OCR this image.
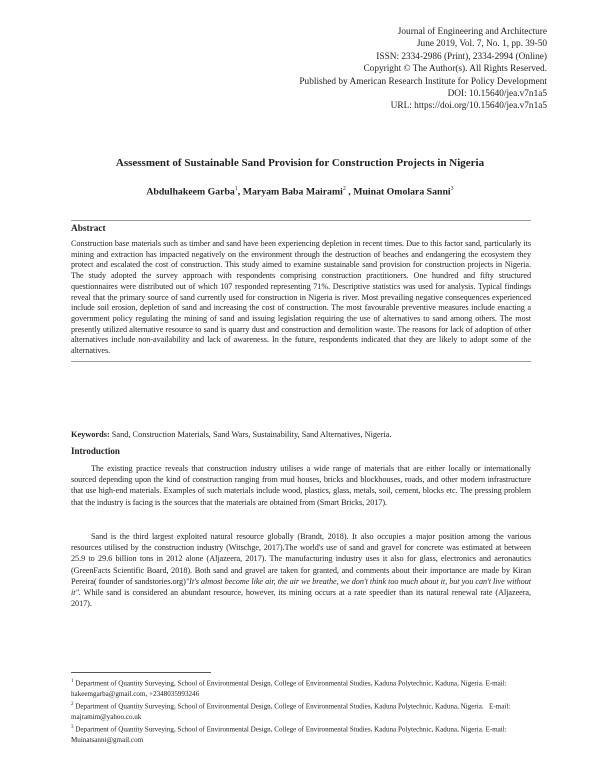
Journal of Engineering and Architecture
June 2019, Vol. 7, No. 1, pp. 39-50
ISSN: 2334-2986 (Print), 2334-2994 (Online)
Copyright © The Author(s). All Rights Reserved.
Published by American Research Institute for Policy Development
DOI: 10.15640/jea.v7n1a5
URL: https://doi.org/10.15640/jea.v7n1a5
Assessment of Sustainable Sand Provision for Construction Projects in Nigeria
Abdulhakeem Garba$^1$, Maryam Baba Mairami$^2$ , Muinat Omolara Sanni$^3$
Abstract
Construction base materials such as timber and sand have been experiencing depletion in recent times. Due to this factor sand, particularly its mining and extraction has impacted negatively on the environment through the destruction of beaches and endangering the ecosystem they protect and escalated the cost of construction. This study aimed to examine sustainable sand provision for construction projects in Nigeria. The study adopted the survey approach with respondents comprising construction practitioners. One hundred and fifty structured questionnaires were distributed out of which 107 responded representing 71%. Descriptive statistics was used for analysis. Typical findings reveal that the primary source of sand currently used for construction in Nigeria is river. Most prevailing negative consequences experienced include soil erosion, depletion of sand and increasing the cost of construction. The most favourable preventive measures include enacting a government policy regulating the mining of sand and issuing legislation requiring the use of alternatives to sand among others. The most presently utilized alternative resource to sand is quarry dust and construction and demolition waste. The reasons for lack of adoption of other alternatives include non-availability and lack of awareness. In the future, respondents indicated that they are likely to adopt some of the alternatives.
Keywords: Sand, Construction Materials, Sand Wars, Sustainability, Sand Alternatives, Nigeria.
Introduction
The existing practice reveals that construction industry utilises a wide range of materials that are either locally or internationally sourced depending upon the kind of construction ranging from mud houses, bricks and blockhouses, roads, and other modern infrastructure that use high-end materials. Examples of such materials include wood, plastics, glass, metals, soil, cement, blocks etc. The pressing problem that the industry is facing is the sources that the materials are obtained from (Smart Bricks, 2017).
Sand is the third largest exploited natural resource globally (Brandt, 2018). It also occupies a major position among the various resources utilised by the construction industry (Witschge, 2017).The world's use of sand and gravel for concrete was estimated at between 25.9 to 29.6 billion tons in 2012 alone (Aljazeera, 2017). The manufacturing industry uses it also for glass, electronics and aeronautics (GreenFacts Scientific Board, 2018). Both sand and gravel are taken for granted, and comments about their importance are made by Kiran Pereira( founder of sandstories.org)"It's almost become like air, the air we breathe, we don't think too much about it, but you can't live without it". While sand is considered an abundant resource, however, its mining occurs at a rate speedier than its natural renewal rate (Aljazeera, 2017).
$^1$ Department of Quantity Surveying, School of Environmental Design, College of Environmental Studies, Kaduna Polytechnic, Kaduna, Nigeria. E-mail: hakeemgarba@gmail.com, +2348035993246
$^2$ Department of Quantity Surveying, School of Environmental Design, College of Environmental Studies, Kaduna Polytechnic, Kaduna, Nigeria.   E-mail: majramim@yahoo.co.uk
$^3$ Department of Quantity Surveying, School of Environmental Design, College of Environmental Studies, Kaduna Polytechnic, Kaduna, Nigeria. E-mail: Muinatsanni@gmail.com
